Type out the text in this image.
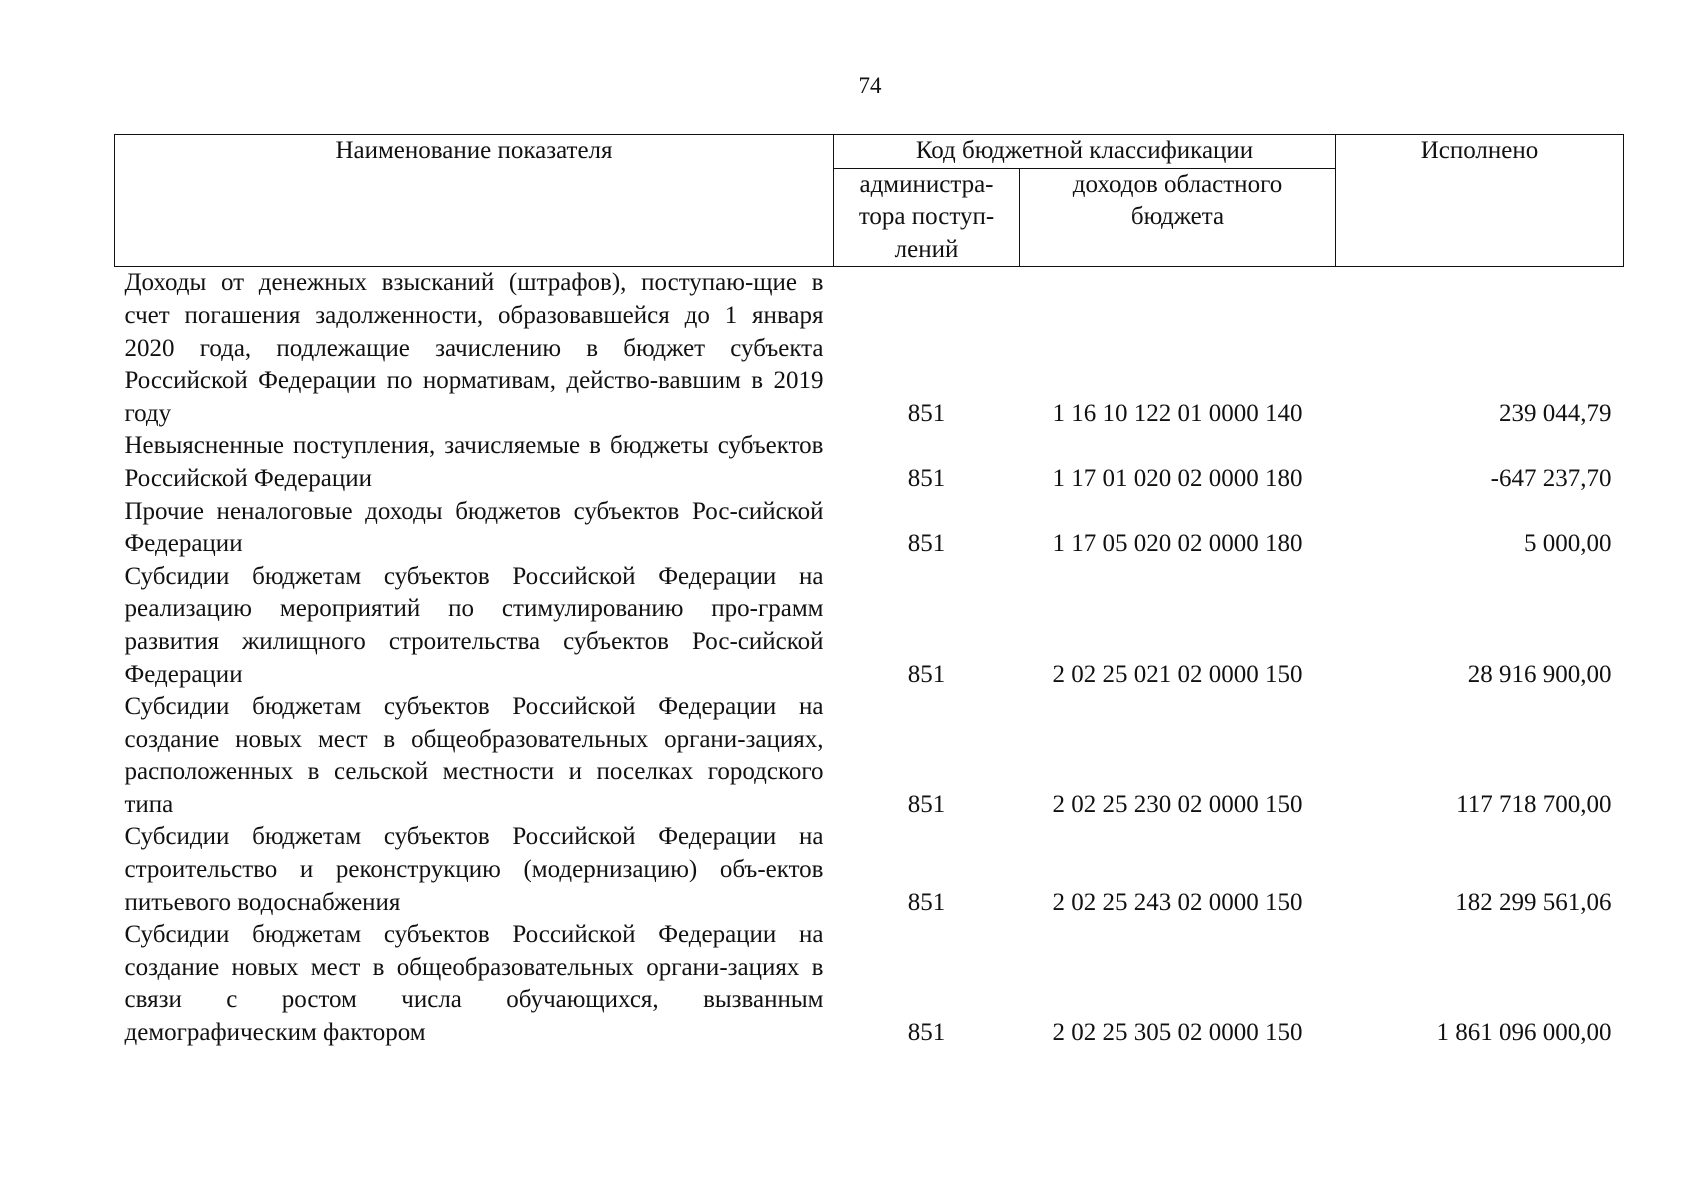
74
Наименование показателя	Код бюджетной классификации		Исполнено
	администра-тора поступ-лений	доходов областного бюджета	
Доходы от денежных взысканий (штрафов), поступаю-щие в счет погашения задолженности, образовавшейся до 1 января 2020 года, подлежащие зачислению в бюджет субъекта Российской Федерации по нормативам, действо-вавшим в 2019 году	851	1 16 10 122 01 0000 140	239 044,79
Невыясненные поступления, зачисляемые в бюджеты субъектов Российской Федерации	851	1 17 01 020 02 0000 180	-647 237,70
Прочие неналоговые доходы бюджетов субъектов Рос-сийской Федерации	851	1 17 05 020 02 0000 180	5 000,00
Субсидии бюджетам субъектов Российской Федерации на реализацию мероприятий по стимулированию про-грамм развития жилищного строительства субъектов Рос-сийской Федерации	851	2 02 25 021 02 0000 150	28 916 900,00
Субсидии бюджетам субъектов Российской Федерации на создание новых мест в общеобразовательных органи-зациях, расположенных в сельской местности и поселках городского типа	851	2 02 25 230 02 0000 150	117 718 700,00
Субсидии бюджетам субъектов Российской Федерации на строительство и реконструкцию (модернизацию) объ-ектов питьевого водоснабжения	851	2 02 25 243 02 0000 150	182 299 561,06
Субсидии бюджетам субъектов Российской Федерации на создание новых мест в общеобразовательных органи-зациях в связи с ростом числа обучающихся, вызванным демографическим фактором	851	2 02 25 305 02 0000 150	1 861 096 000,00
